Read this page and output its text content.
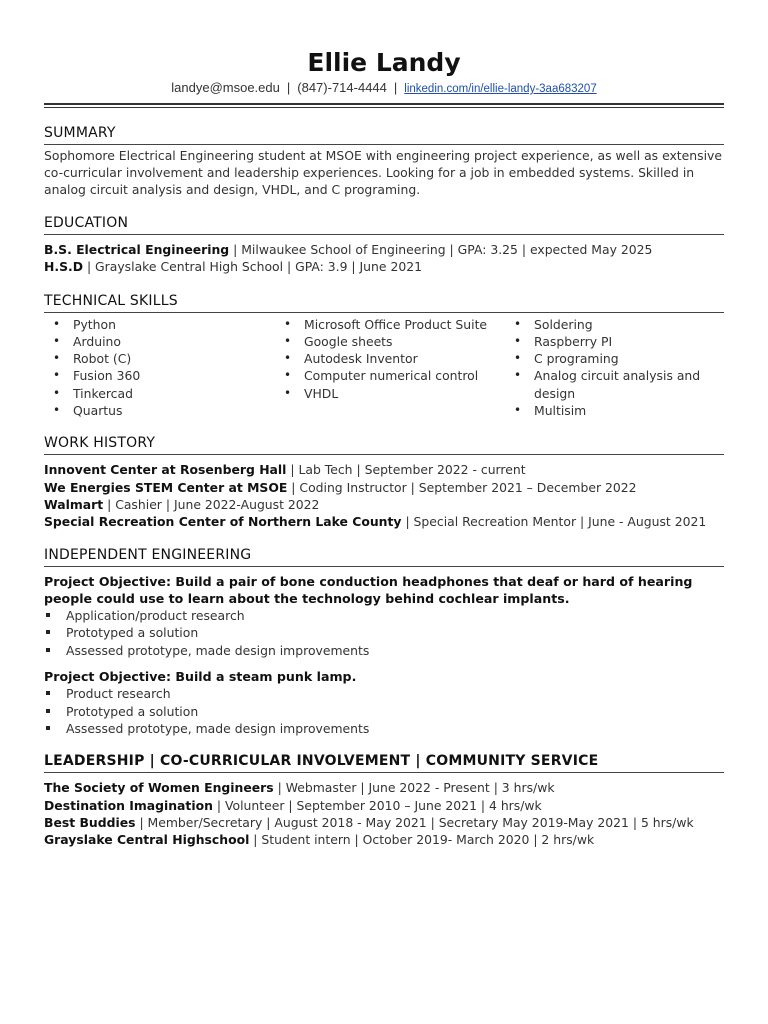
Ellie Landy
landye@msoe.edu | (847)-714-4444 | linkedin.com/in/ellie-landy-3aa683207
SUMMARY
Sophomore Electrical Engineering student at MSOE with engineering project experience, as well as extensive
co-curricular involvement and leadership experiences. Looking for a job in embedded systems. Skilled in
analog circuit analysis and design, VHDL, and C programing.
EDUCATION
B.S. Electrical Engineering | Milwaukee School of Engineering | GPA: 3.25 | expected May 2025
H.S.D | Grayslake Central High School | GPA: 3.9 | June 2021
TECHNICAL SKILLS
• Python
• Arduino
• Robot (C)
• Fusion 360
• Tinkercad
• Quartus
• Microsoft Office Product Suite
• Google sheets
• Autodesk Inventor
• Computer numerical control
• VHDL
• Soldering
• Raspberry PI
• C programing
• Analog circuit analysis and design
• Multisim
WORK HISTORY
Innovent Center at Rosenberg Hall | Lab Tech | September 2022 - current
We Energies STEM Center at MSOE | Coding Instructor | September 2021 – December 2022
Walmart | Cashier | June 2022-August 2022
Special Recreation Center of Northern Lake County | Special Recreation Mentor | June - August 2021
INDEPENDENT ENGINEERING
Project Objective: Build a pair of bone conduction headphones that deaf or hard of hearing
people could use to learn about the technology behind cochlear implants.
Application/product research
Prototyped a solution
Assessed prototype, made design improvements
Project Objective: Build a steam punk lamp.
Product research
Prototyped a solution
Assessed prototype, made design improvements
LEADERSHIP | CO-CURRICULAR INVOLVEMENT | COMMUNITY SERVICE
The Society of Women Engineers | Webmaster | June 2022 - Present | 3 hrs/wk
Destination Imagination | Volunteer | September 2010 – June 2021 | 4 hrs/wk
Best Buddies | Member/Secretary | August 2018 - May 2021 | Secretary May 2019-May 2021 | 5 hrs/wk
Grayslake Central Highschool | Student intern | October 2019- March 2020 | 2 hrs/wk
